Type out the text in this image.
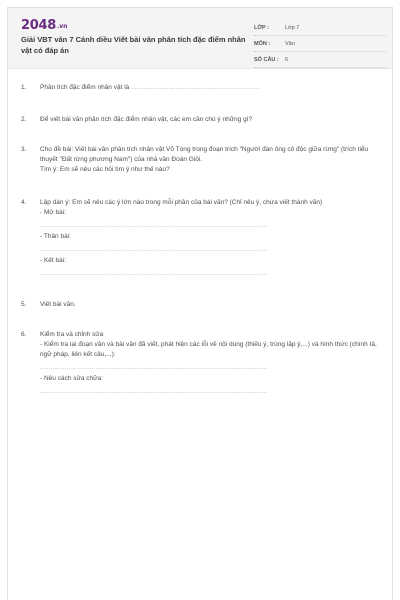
2048.vn
Giải VBT văn 7 Cánh diều Viết bài văn phân tích đặc điểm nhân vật có đáp án
LỚP :	Lớp 7
MÔN :	Văn
SỐ CÂU :	6
1.	Phân tích đặc điểm nhân vật là ........................................................................
2.	Để viết bài văn phân tích đặc điểm nhân vật, các em cần chú ý những gì?
3.	Cho đề bài: Viết bài văn phân tích nhân vật Võ Tòng trong đoạn trích "Người đàn ông cô độc giữa rừng" (trích tiểu thuyết "Đất rừng phương Nam") của nhà văn Đoàn Giỏi.
Tìm ý: Em sẽ nêu các hỏi tìm ý như thế nào?
4.	Lập dàn ý: Em sẽ nêu các ý lớn nào trong mỗi phần của bài văn? (Chỉ nêu ý, chưa viết thành văn)
- Mở bài:
...............................................................................................................................
- Thân bài:
...............................................................................................................................
- Kết bài:
...............................................................................................................................
5.	Viết bài văn.
6.	Kiểm tra và chỉnh sửa
- Kiểm tra lại đoạn văn và bài văn đã viết, phát hiện các lỗi về nội dung (thiếu ý, trùng lặp ý,...) và hình thức (chính tả, ngữ pháp, liên kết câu,...):
...............................................................................................................................
- Nêu cách sửa chữa:
...............................................................................................................................
